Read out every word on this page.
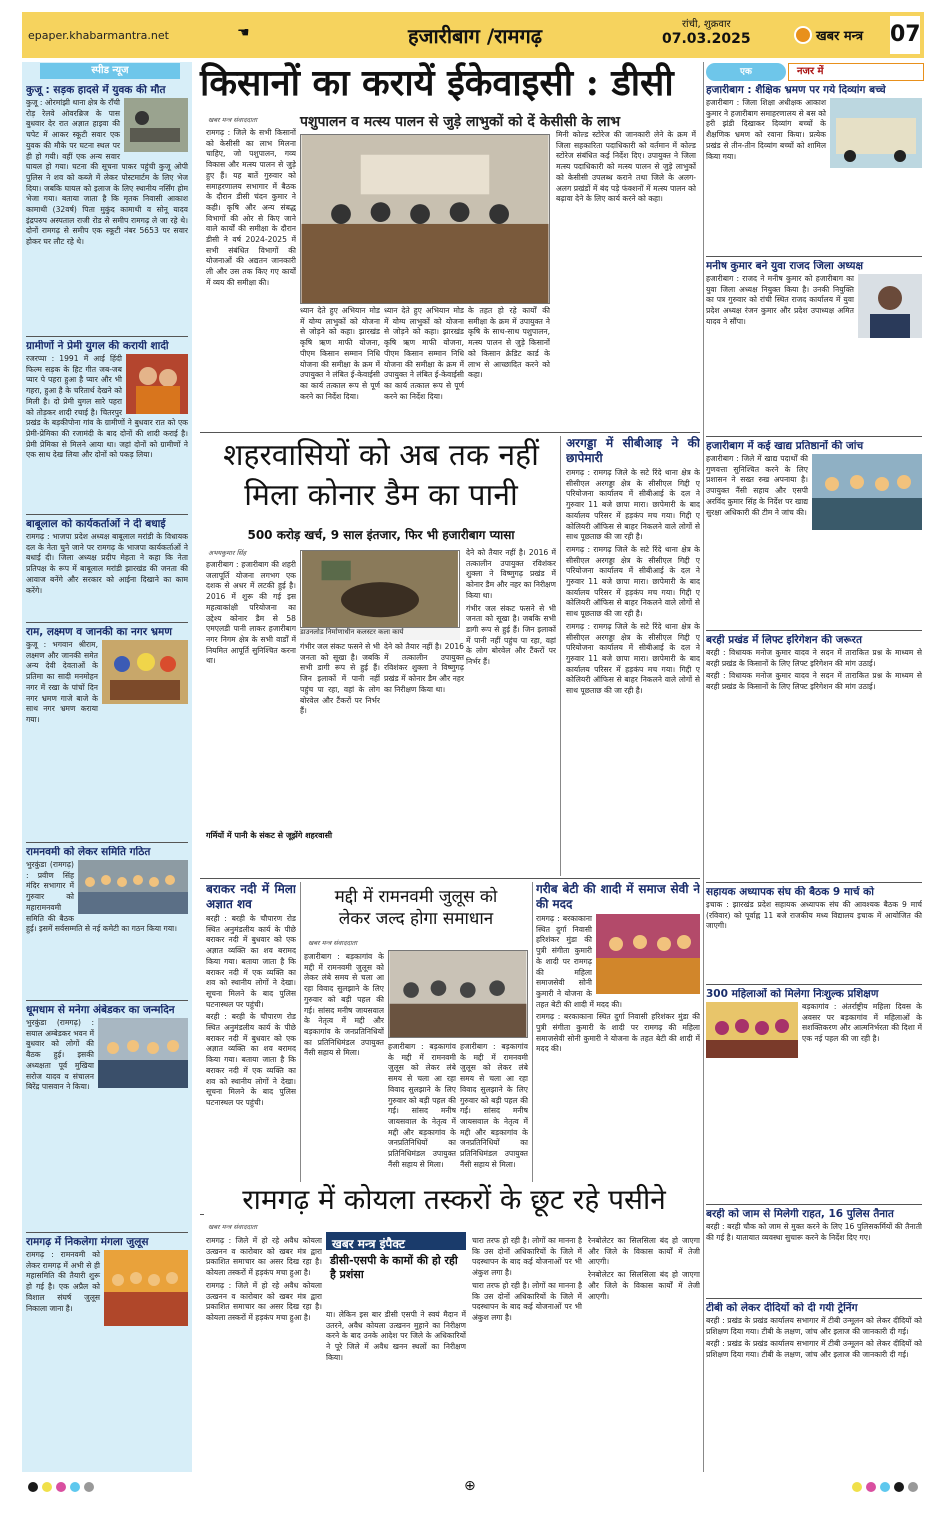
epaper.khabarmantra.net	☚	हजारीबाग /रामगढ़	रांची, शुक्रवार
07.03.2025	खबर मन्त्र 07
स्पीड न्यूज
कुजू : सड़क हादसे में युवक की मौत

कुजू : ओरमांझी थाना क्षेत्र के राँची रोड़ रेलवे ओवरब्रिज के पास बुधवार देर रात अज्ञात हाइवा की चपेट में आकर स्कूटी सवार एक युवक की मौके पर घटना स्थल पर ही हो गयी। वहीं एक अन्य सवार घायल हो गया। घटना की सूचना पाकर पहुंची कुजू ओपी पुलिस ने शव को कब्जे में लेकर पोस्टमार्टम के लिए भेज दिया। जबकि घायल को इलाज के लिए स्थानीय नर्सिंग होम भेजा गया। बताया जाता है कि मृतक निवासी आकाश कामाथी (32वर्ष) पिता मुकुंद कामाथी व सोनू यादव इंद्रपरुप अस्पताल राजी रोड से समीप रामगढ़ ले जा रहे थे। दोनों रामगढ़ से समीप एक स्कूटी नंबर 5653 पर सवार होकर घर लौट रहे थे।

ग्रामीणों ने प्रेमी युगल की करायी शादी

रजरप्पा : 1991 में आई हिंदी फिल्म सड़क के हिट गीत जब-जब प्यार पे पहरा हुआ है प्यार और भी गहरा, हुआ है के चरितार्थ देखने को मिली है। दो प्रेमी युगल सारे पहरा को तोड़कर शादी रचाई है। चितरपुर प्रखंड के बड़कीपोना गांव के ग्रामीणों ने बुधवार रात को एक प्रेमी-प्रेमिका की रजामंदी के बाद दोनों की शादी कराई है। प्रेमी प्रेमिका से मिलने आया था। जहां दोनों को ग्रामीणों ने एक साथ देख लिया और दोनों को पकड़ लिया।

बाबूलाल को कार्यकर्ताओं ने दी बधाई

रामगढ़ : भाजपा प्रदेश अध्यक्ष बाबूलाल मरांडी के विधायक दल के नेता चुने जाने पर रामगढ़ के भाजपा कार्यकर्ताओं ने बधाई दी। जिला अध्यक्ष प्रदीप मेहता ने कहा कि नेता प्रतिपक्ष के रूप में बाबूलाल मरांडी झारखंड की जनता की आवाज बनेंगे और सरकार को आईना दिखाने का काम करेंगे।

राम, लक्ष्मण व जानकी का नगर भ्रमण

कुजू : भगवान श्रीराम, लक्ष्मण और जानकी समेत अन्य देवी देवताओं के प्रतिमा का सादी मनमोहन नगर में रखा के पांचों दिन नगर भ्रमण गाजे बाजे के साथ नगर भ्रमण कराया गया।

रामनवमी को लेकर समिति गठित

भुरकुंडा (रामगढ़) : प्रवीण सिंह मंदिर सभागार में गुरुवार को महारामनवमी समिति की बैठक हुई। इसमें सर्वसम्मति से नई कमेटी का गठन किया गया।

धूमधाम से मनेगा अंबेडकर का जन्मदिन

भुरकुंडा (रामगढ़) : सयाल अम्बेडकर भवन में बुधवार को लोगों की बैठक हुई। इसकी अध्यक्षता पूर्व मुखिया सरोज यादव व संचालन बिरेंद्र पासवान ने किया।

रामगढ़ में निकलेगा मंगला जुलूस

रामगढ़ : रामनवमी को लेकर रामगढ़ में अभी से ही महासमिति की तैयारी शुरू हो गई है। एक अप्रैल को विशाल संघर्ष जुलूस निकाला जाना है।

किसानों का करायें ईकेवाइसी : डीसी
खबर मन्त्र संवाददाता	पशुपालन व मत्स्य पालन से जुड़े लाभुकों को दें केसीसी के लाभ

रामगढ़ : जिले के सभी किसानों को केसीसी का लाभ मिलना चाहिए, जो पशुपालन, गव्य विकास और मत्स्य पालन से जुड़े हुए हैं। यह बातें गुरुवार को समाहरणालय सभागार में बैठक के दौरान डीसी चंदन कुमार ने कही। कृषि और अन्य संबद्ध विभागों की ओर से किए जाने वाले कार्यों की समीक्षा के दौरान डीसी ने वर्ष 2024-2025 में सभी संबंधित विभागों की योजनाओं की अद्यतन जानकारी ली और उस तक किए गए कार्यों में व्यय की समीक्षा की।

ध्यान देते हुए अभियान मोड में योग्य लाभुकों को योजना से जोड़ने को कहा। झारखंड कृषि ऋण माफी योजना, पीएम किसान सम्मान निधि योजना की समीक्षा के क्रम में उपायुक्त ने लंबित ई-केवाईसी का कार्य तत्काल रूप से पूर्ण करने का निर्देश दिया।

ध्यान देते हुए अभियान मोड में योग्य लाभुकों को योजना से जोड़ने को कहा। झारखंड कृषि ऋण माफी योजना, पीएम किसान सम्मान निधि योजना की समीक्षा के क्रम में उपायुक्त ने लंबित ई-केवाईसी का कार्य तत्काल रूप से पूर्ण करने का निर्देश दिया।

के तहत हो रहे कार्यों की समीक्षा के क्रम में उपायुक्त ने कृषि के साथ-साथ पशुपालन, मत्स्य पालन से जुड़े किसानों को किसान क्रेडिट कार्ड के लाभ से आच्छादित करने को कहा।

मिनी कोल्ड स्टोरेज की जानकारी लेने के क्रम में जिला सहकारिता पदाधिकारी को वर्तमान में कोल्ड स्टोरेज संबंधित कई निर्देश दिए। उपायुक्त ने जिला मत्स्य पदाधिकारी को मत्स्य पालन से जुड़े लाभुकों को केसीसी उपलब्ध कराने तथा जिले के अलग-अलग प्रखंडों में बंद पड़े फंक्शनों में मत्स्य पालन को बढ़ावा देने के लिए कार्य करने को कहा।

शहरवासियों को अब तक नहीं
मिला कोनार डैम का पानी
500 करोड़ खर्च, 9 साल इंतजार, फिर भी हजारीबाग प्यासा
अभयकुमार सिंह

हजारीबाग : हजारीबाग की शहरी जलापूर्ति योजना लगभग एक दशक से अधर में लटकी हुई है। 2016 में शुरू की गई इस महत्वाकांक्षी परियोजना का उद्देश्य कोनार डैम से 58 एमएलडी पानी लाकर हजारीबाग नगर निगम क्षेत्र के सभी वार्डों में नियमित आपूर्ति सुनिश्चित करना था।

डाउनलोड निर्माणाधीन कलस्टर कला कार्य

गंभीर जल संकट फसने से भी जनता को सूखा है। जबकि सभी डागी रूप से हुई हैं। जिन इलाकों में पानी नहीं पहुंच पा रहा, वहां के लोग बोरवेल और टैंकरों पर निर्भर हैं।

देने को तैयार नहीं है। 2016 में तत्कालीन उपायुक्त रविशंकर शुक्ला ने विष्णुगढ़ प्रखंड में कोनार डैम और नहर का निरीक्षण किया था।

देने को तैयार नहीं है। 2016 में तत्कालीन उपायुक्त रविशंकर शुक्ला ने विष्णुगढ़ प्रखंड में कोनार डैम और नहर का निरीक्षण किया था।

गंभीर जल संकट फसने से भी जनता को सूखा है। जबकि सभी डागी रूप से हुई हैं। जिन इलाकों में पानी नहीं पहुंच पा रहा, वहां के लोग बोरवेल और टैंकरों पर निर्भर हैं।

गर्मियों में पानी के संकट से जूझेंगे शहरवासी
अरगड्डा में सीबीआइ ने की छापेमारी

रामगढ़ : रामगढ़ जिले के सटे रिंदे थाना क्षेत्र के सीसीएल अरगड्डा क्षेत्र के सीसीएल गिद्दी ए परियोजना कार्यालय में सीबीआई के दल ने गुरुवार 11 बजे छापा मारा। छापेमारी के बाद कार्यालय परिसर में हड़कंप मच गया। गिद्दी ए कोलियरी ऑफिस से बाहर निकलने वाले लोगों से साथ पूछताछ की जा रही है।

रामगढ़ : रामगढ़ जिले के सटे रिंदे थाना क्षेत्र के सीसीएल अरगड्डा क्षेत्र के सीसीएल गिद्दी ए परियोजना कार्यालय में सीबीआई के दल ने गुरुवार 11 बजे छापा मारा। छापेमारी के बाद कार्यालय परिसर में हड़कंप मच गया। गिद्दी ए कोलियरी ऑफिस से बाहर निकलने वाले लोगों से साथ पूछताछ की जा रही है।

रामगढ़ : रामगढ़ जिले के सटे रिंदे थाना क्षेत्र के सीसीएल अरगड्डा क्षेत्र के सीसीएल गिद्दी ए परियोजना कार्यालय में सीबीआई के दल ने गुरुवार 11 बजे छापा मारा। छापेमारी के बाद कार्यालय परिसर में हड़कंप मच गया। गिद्दी ए कोलियरी ऑफिस से बाहर निकलने वाले लोगों से साथ पूछताछ की जा रही है।

बराकर नदी में मिला अज्ञात शव

बरही : बरही के चौपारण रोड स्थित अनुमंडलीय कार्य के पीछे बराकर नदी में बुधवार को एक अज्ञात व्यक्ति का शव बरामद किया गया। बताया जाता है कि बराकर नदी में एक व्यक्ति का शव को स्थानीय लोगों ने देखा। सूचना मिलने के बाद पुलिस घटनास्थल पर पहुंची।

बरही : बरही के चौपारण रोड स्थित अनुमंडलीय कार्य के पीछे बराकर नदी में बुधवार को एक अज्ञात व्यक्ति का शव बरामद किया गया। बताया जाता है कि बराकर नदी में एक व्यक्ति का शव को स्थानीय लोगों ने देखा। सूचना मिलने के बाद पुलिस घटनास्थल पर पहुंची।

मद्दी में रामनवमी जुलूस को
लेकर जल्द होगा समाधान
खबर मन्त्र संवाददाता

हजारीबाग : बड़कागांव के मद्दी में रामनवमी जुलूस को लेकर लंबे समय से चला आ रहा विवाद सुलझाने के लिए गुरुवार को बड़ी पहल की गई। सांसद मनीष जायसवाल के नेतृत्व में मद्दी और बड़कागांव के जनप्रतिनिधियों का प्रतिनिधिमंडल उपायुक्त नैंसी सहाय से मिला।

हजारीबाग : बड़कागांव के मद्दी में रामनवमी जुलूस को लेकर लंबे समय से चला आ रहा विवाद सुलझाने के लिए गुरुवार को बड़ी पहल की गई। सांसद मनीष जायसवाल के नेतृत्व में मद्दी और बड़कागांव के जनप्रतिनिधियों का प्रतिनिधिमंडल उपायुक्त नैंसी सहाय से मिला।

हजारीबाग : बड़कागांव के मद्दी में रामनवमी जुलूस को लेकर लंबे समय से चला आ रहा विवाद सुलझाने के लिए गुरुवार को बड़ी पहल की गई। सांसद मनीष जायसवाल के नेतृत्व में मद्दी और बड़कागांव के जनप्रतिनिधियों का प्रतिनिधिमंडल उपायुक्त नैंसी सहाय से मिला।

गरीब बेटी की शादी में समाज सेवी ने की मदद

रामगढ़ : बरकाकाना स्थित दुर्गा निवासी हरिशंकर मुंडा की पुत्री संगीता कुमारी के शादी पर रामगढ़ की महिला समाजसेवी सोनी कुमारी ने योजना के तहत बेटी की शादी में मदद की।

रामगढ़ : बरकाकाना स्थित दुर्गा निवासी हरिशंकर मुंडा की पुत्री संगीता कुमारी के शादी पर रामगढ़ की महिला समाजसेवी सोनी कुमारी ने योजना के तहत बेटी की शादी में मदद की।

रामगढ़ में कोयला तस्करों के छूट रहे पसीने
खबर मन्त्र संवाददाता

रामगढ़ : जिले में हो रहे अवैध कोयला उत्खनन व कारोबार को खबर मंत्र द्वारा प्रकाशित समाचार का असर दिख रहा है। कोयला तस्करों में हड़कंप मचा हुआ है।

रामगढ़ : जिले में हो रहे अवैध कोयला उत्खनन व कारोबार को खबर मंत्र द्वारा प्रकाशित समाचार का असर दिख रहा है। कोयला तस्करों में हड़कंप मचा हुआ है।

खबर मन्त्र इंपैक्ट
डीसी-एसपी के कामों की हो रही है प्रशंसा

या। लेकिन इस बार डीसी एसपी ने स्वयं मैदान में उतरने, अवैध कोयला उत्खनन मुहाने का निरीक्षण करने के बाद उनके आदेश पर जिले के अधिकारियों ने पूरे जिले में अवैध खनन स्थलों का निरीक्षण किया।

चारा तरफ हो रही है। लोगों का मानना है कि उस दोनों अधिकारियों के जिले में पदस्थापन के बाद कई योजनाओं पर भी अंकुश लगा है।

चारा तरफ हो रही है। लोगों का मानना है कि उस दोनों अधिकारियों के जिले में पदस्थापन के बाद कई योजनाओं पर भी अंकुश लगा है।

रेनबोलेटर का सिलसिला बंद हो जाएगा और जिले के विकास कार्यों में तेजी आएगी।

रेनबोलेटर का सिलसिला बंद हो जाएगा और जिले के विकास कार्यों में तेजी आएगी।

एक	नजर में
हजारीबाग : शैक्षिक भ्रमण पर गये दिव्यांग बच्चे

हजारीबाग : जिला शिक्षा अधीक्षक आकाश कुमार ने हजारीबाग समाहरणालय से बस को हरी झंडी दिखाकर दिव्यांग बच्चों के शैक्षणिक भ्रमण को रवाना किया। प्रत्येक प्रखंड से तीन-तीन दिव्यांग बच्चों को शामिल किया गया।

मनीष कुमार बने युवा राजद जिला अध्यक्ष

हजारीबाग : राजद ने मनीष कुमार को हजारीबाग का युवा जिला अध्यक्ष नियुक्त किया है। उनकी नियुक्ति का पत्र गुरुवार को रांची स्थित राजद कार्यालय में युवा प्रदेश अध्यक्ष रंजन कुमार और प्रदेश उपाध्यक्ष अमित यादव ने सौंपा।

हजारीबाग में कई खाद्य प्रतिष्ठानों की जांच

हजारीबाग : जिले में खाद्य पदार्थों की गुणवत्ता सुनिश्चित करने के लिए प्रशासन ने सख्त रुख अपनाया है। उपायुक्त नैंसी सहाय और एसपी अरविंद कुमार सिंह के निर्देश पर खाद्य सुरक्षा अधिकारी की टीम ने जांच की।

बरही प्रखंड में लिफ्ट इरिगेशन की जरूरत

बरही : विधायक मनोज कुमार यादव ने सदन में ताराकित प्रश्न के माध्यम से बरही प्रखंड के किसानों के लिए लिफ्ट इरिगेशन की मांग उठाई।

बरही : विधायक मनोज कुमार यादव ने सदन में ताराकित प्रश्न के माध्यम से बरही प्रखंड के किसानों के लिए लिफ्ट इरिगेशन की मांग उठाई।

सहायक अध्यापक संघ की बैठक 9 मार्च को

इचाक : झारखंड प्रदेश सहायक अध्यापक संघ की आवश्यक बैठक 9 मार्च (रविवार) को पूर्वाह्न 11 बजे राजकीय मध्य विद्यालय इचाक में आयोजित की जाएगी।

300 महिलाओं को मिलेगा निःशुल्क प्रशिक्षण

बड़कागांव : अंतर्राष्ट्रीय महिला दिवस के अवसर पर बड़कागांव में महिलाओं के सशक्तिकरण और आत्मनिर्भरता की दिशा में एक नई पहल की जा रही है।

बरही को जाम से मिलेगी राहत, 16 पुलिस तैनात

बरही : बरही चौक को जाम से मुक्त करने के लिए 16 पुलिसकर्मियों की तैनाती की गई है। यातायात व्यवस्था सुचारू करने के निर्देश दिए गए।

टीबी को लेकर दीदियों को दी गयी ट्रेनिंग

बरही : प्रखंड के प्रखंड कार्यालय सभागार में टीबी उन्मूलन को लेकर दीदियों को प्रशिक्षण दिया गया। टीबी के लक्षण, जांच और इलाज की जानकारी दी गई।

बरही : प्रखंड के प्रखंड कार्यालय सभागार में टीबी उन्मूलन को लेकर दीदियों को प्रशिक्षण दिया गया। टीबी के लक्षण, जांच और इलाज की जानकारी दी गई।

⊕
